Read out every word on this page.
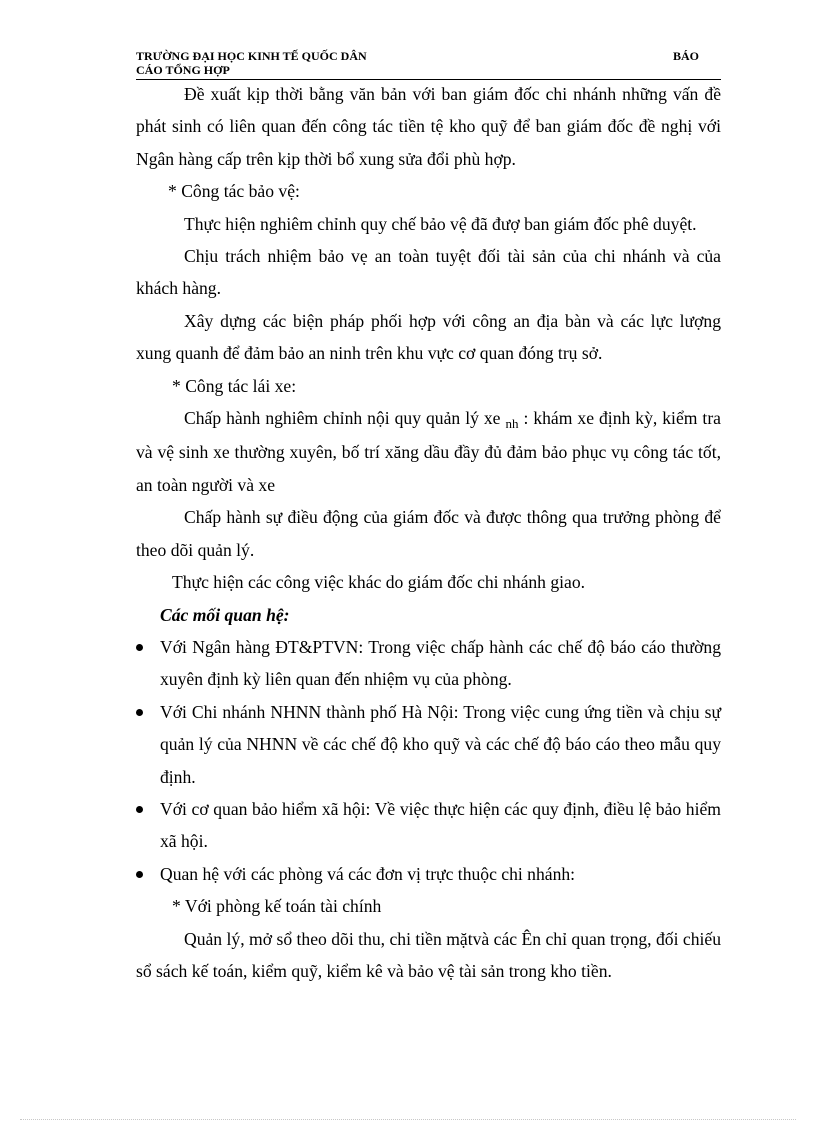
TRƯỜNG ĐẠI HỌC KINH TẾ QUỐC DÂN	BÁO
CÁO TỔNG HỢP

Đề xuất kịp thời bằng văn bản với ban giám đốc chi nhánh những vấn đề phát sinh có liên quan đến công tác tiền tệ kho quỹ để ban giám đốc đề nghị với Ngân hàng cấp trên kịp thời bổ xung sửa đổi phù hợp.

* Công tác bảo vệ:

Thực hiện nghiêm chỉnh quy chế bảo vệ đã đượ ban giám đốc phê duyệt.

Chịu trách nhiệm bảo vẹ an toàn tuyệt đối tài sản của chi nhánh và của khách hàng.

Xây dựng các biện pháp phối hợp với công an địa bàn và các lực lượng xung quanh để đảm bảo an ninh trên khu vực cơ quan đóng trụ sở.

* Công tác lái xe:

Chấp hành nghiêm chỉnh nội quy quản lý xe $_{nh}$ : khám xe định kỳ, kiểm tra và vệ sinh xe thường xuyên, bố trí xăng dầu đầy đủ đảm bảo phục vụ công tác tốt, an toàn người và xe

Chấp hành sự điều động của giám đốc và được thông qua trưởng phòng để theo dõi quản lý.

Thực hiện các công việc khác do giám đốc chi nhánh giao.

Các mối quan hệ:

Với Ngân hàng ĐT&PTVN: Trong việc chấp hành các chế độ báo cáo thường xuyên định kỳ liên quan đến nhiệm vụ của phòng.
Với Chi nhánh NHNN thành phố Hà Nội: Trong việc cung ứng tiền và chịu sự quản lý của NHNN về các chế độ kho quỹ và các chế độ báo cáo theo mẫu quy định.
Với cơ quan bảo hiểm xã hội: Về việc thực hiện các quy định, điều lệ bảo hiểm xã hội.
Quan hệ với các phòng vá các đơn vị trực thuộc chi nhánh:

* Với phòng kế toán tài chính

Quản lý, mở sổ theo dõi thu, chi tiền mặtvà các Ên chỉ quan trọng, đối chiếu sổ sách kế toán, kiểm quỹ, kiểm kê và bảo vệ tài sản trong kho tiền.
